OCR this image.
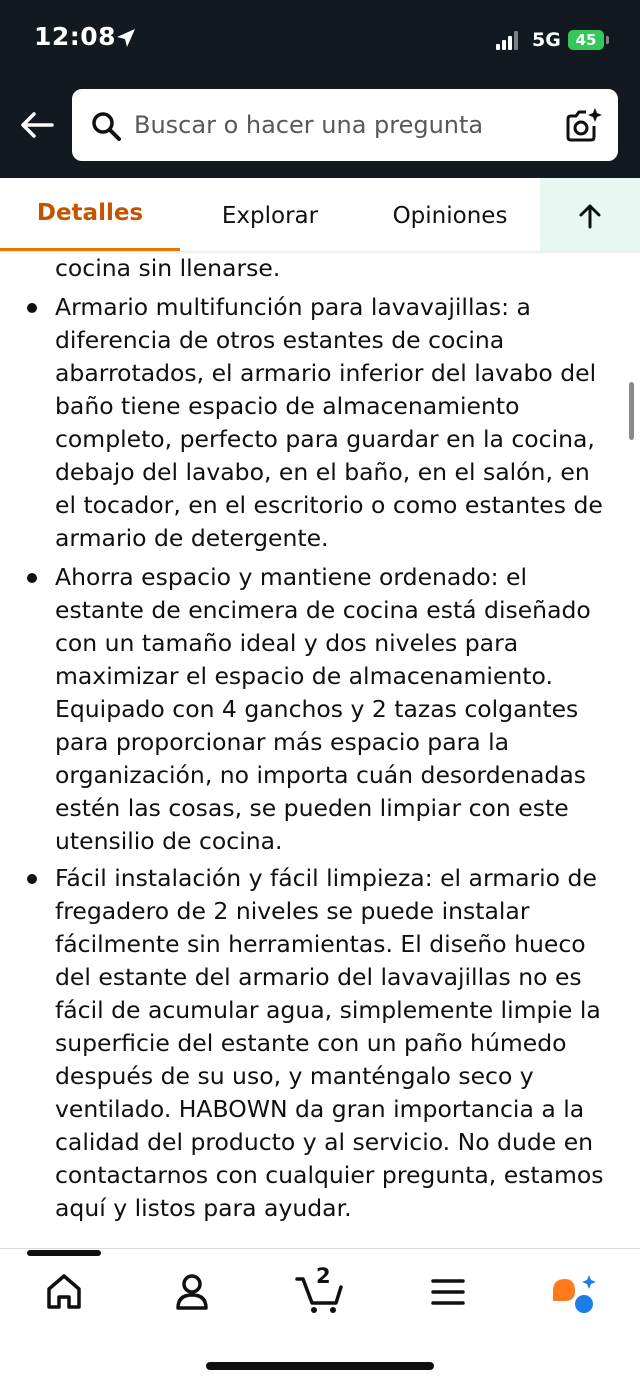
12:08	5G 45
Buscar o hacer una pregunta
Detalles	Explorar	Opiniones
cocina sin llenarse.
Armario multifunción para lavavajillas: a diferencia de otros estantes de cocina abarrotados, el armario inferior del lavabo del baño tiene espacio de almacenamiento completo, perfecto para guardar en la cocina, debajo del lavabo, en el baño, en el salón, en el tocador, en el escritorio o como estantes de armario de detergente.
Ahorra espacio y mantiene ordenado: el estante de encimera de cocina está diseñado con un tamaño ideal y dos niveles para maximizar el espacio de almacenamiento. Equipado con 4 ganchos y 2 tazas colgantes para proporcionar más espacio para la organización, no importa cuán desordenadas estén las cosas, se pueden limpiar con este utensilio de cocina.
Fácil instalación y fácil limpieza: el armario de fregadero de 2 niveles se puede instalar fácilmente sin herramientas. El diseño hueco del estante del armario del lavavajillas no es fácil de acumular agua, simplemente limpie la superficie del estante con un paño húmedo después de su uso, y manténgalo seco y ventilado. HABOWN da gran importancia a la calidad del producto y al servicio. No dude en contactarnos con cualquier pregunta, estamos aquí y listos para ayudar.
2
